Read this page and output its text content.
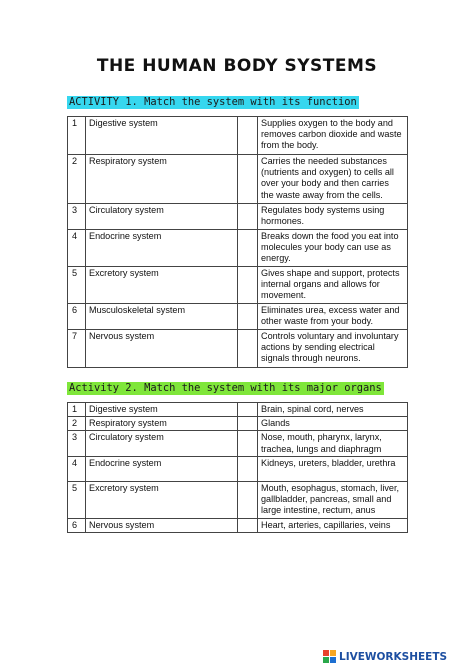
THE HUMAN BODY SYSTEMS
ACTIVITY 1. Match the system with its function
1	Digestive system		Supplies oxygen to the body and removes carbon dioxide and waste from the body.
2	Respiratory system		Carries the needed substances (nutrients and oxygen) to cells all over your body and then carries the waste away from the cells.
3	Circulatory system		Regulates body systems using hormones.
4	Endocrine system		Breaks down the food you eat into molecules your body can use as energy.
5	Excretory system		Gives shape and support, protects internal organs and allows for movement.
6	Musculoskeletal system		Eliminates urea, excess water and other waste from your body.
7	Nervous system		Controls voluntary and involuntary actions by sending electrical signals through neurons.
Activity 2. Match the system with its major organs
1	Digestive system		Brain, spinal cord, nerves
2	Respiratory system		Glands
3	Circulatory system		Nose, mouth, pharynx, larynx, trachea, lungs and diaphragm
4	Endocrine system		Kidneys, ureters, bladder, urethra
5	Excretory system		Mouth, esophagus, stomach, liver, gallbladder, pancreas, small and large intestine, rectum, anus
6	Nervous system		Heart, arteries, capillaries, veins
LIVEWORKSHEETS
